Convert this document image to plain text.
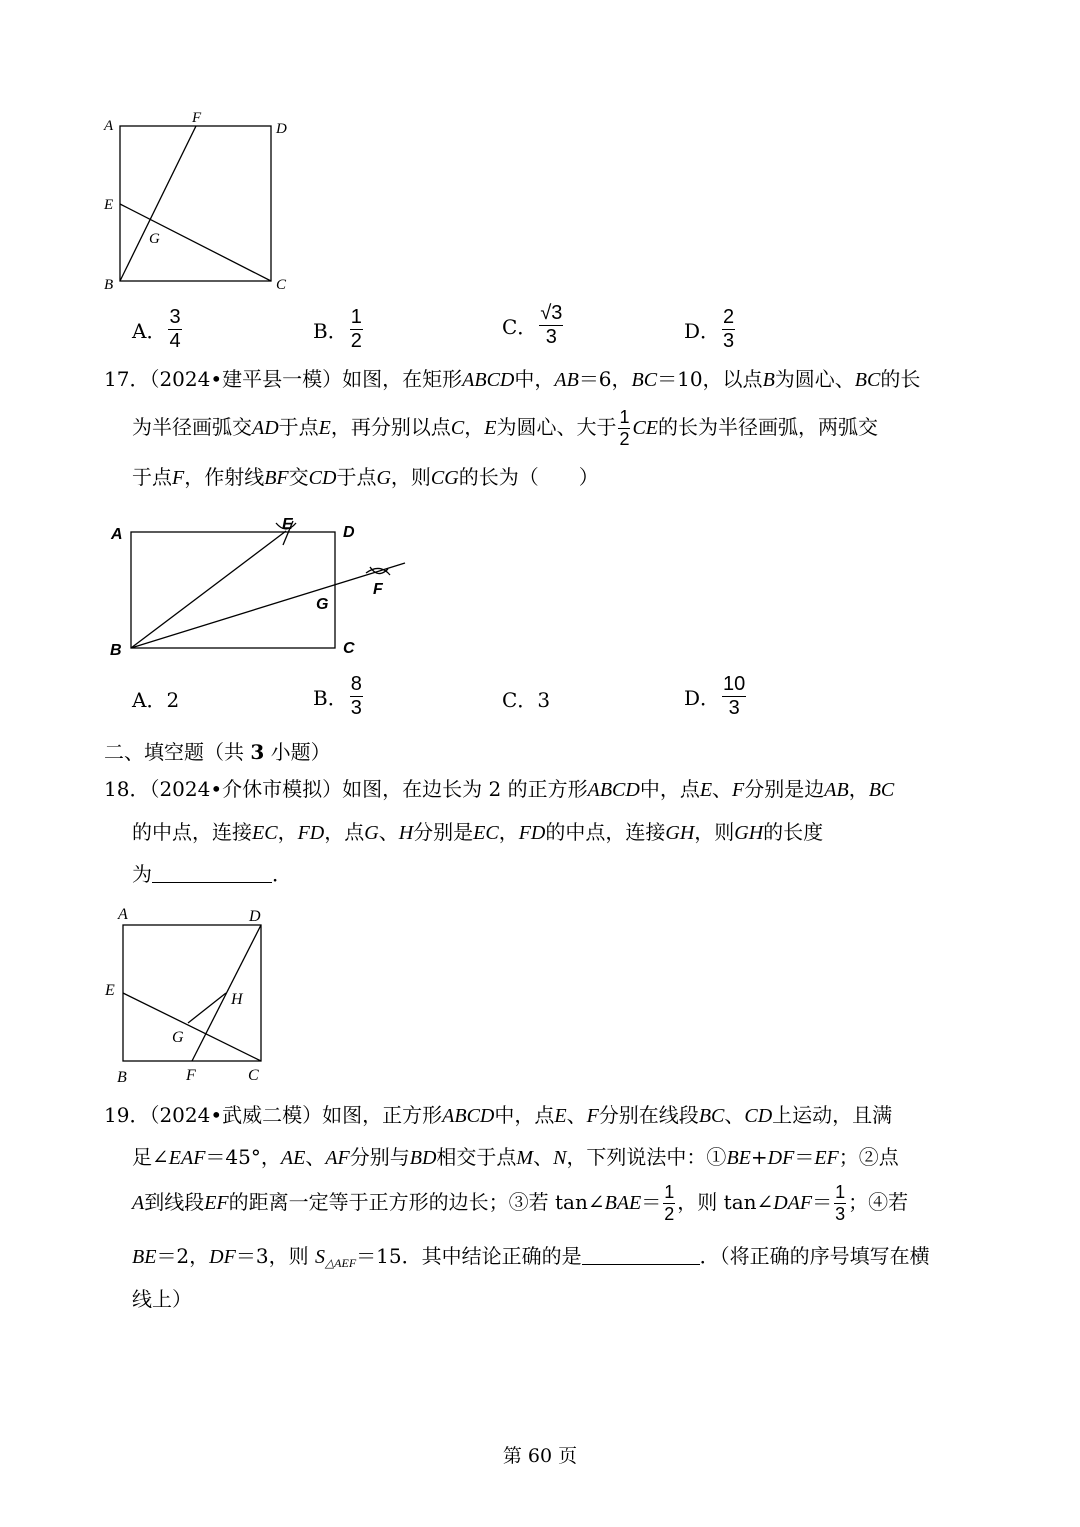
A	F
D
E
G
B	C
A． $\frac{3}{4}$	B． $\frac{1}{2}$	C． $\frac{√3}{3}$	D． $\frac{2}{3}$
17．（2024•建平县一模）如图，在矩形ABCD中，AB＝6，BC＝10，以点B为圆心、BC的长
为半径画弧交AD于点E，再分别以点C，E为圆心、大于 $\frac{1}{2}$ CE的长为半径画弧，两弧交
于点F，作射线BF交CD于点G，则CG的长为（　　）
A
E	D
G
F
B	C
A．2	B． $\frac{8}{3}$	C．3	D． $\frac{10}{3}$
二、填空题（共 3 小题）
18．（2024•介休市模拟）如图，在边长为 2 的正方形ABCD中，点E、F分别是边AB，BC
的中点，连接EC，FD，点G、H分别是EC，FD的中点，连接GH，则GH的长度
为	．
A	D
E
H
G
B	F	C
19．（2024•武威二模）如图，正方形ABCD中，点E、F分别在线段BC、CD上运动，且满
足∠EAF＝45°，AE、AF分别与BD相交于点M、N，下列说法中：①BE+DF＝EF；②点
A到线段EF的距离一定等于正方形的边长；③若 tan∠BAE＝ $\frac{1}{2}$ ，则 tan∠DAF＝ $\frac{1}{3}$ ；④若
BE＝2，DF＝3，则 $S_{\triangle AEF}=15$．其中结论正确的是	．（将正确的序号填写在横
线上）
第 60 页
